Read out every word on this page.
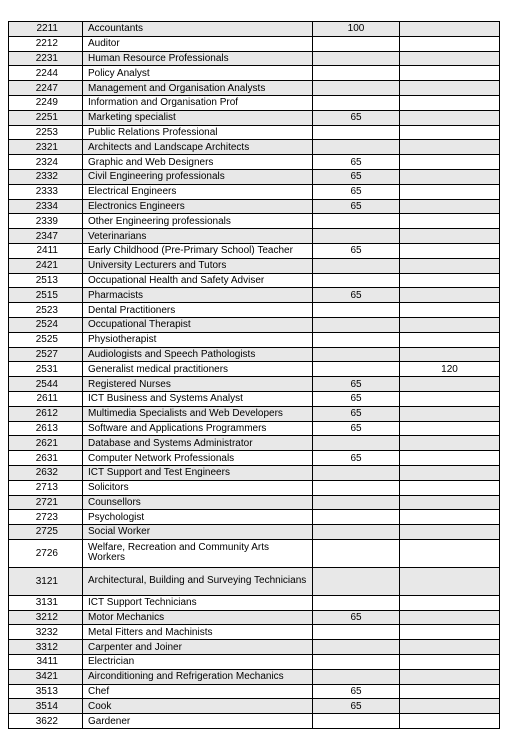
2211	Accountants	100	
2212	Auditor		
2231	Human Resource Professionals		
2244	Policy Analyst		
2247	Management and Organisation Analysts		
2249	Information and Organisation Prof		
2251	Marketing specialist	65	
2253	Public Relations Professional		
2321	Architects and Landscape Architects		
2324	Graphic and Web Designers	65	
2332	Civil Engineering professionals	65	
2333	Electrical Engineers	65	
2334	Electronics Engineers	65	
2339	Other Engineering professionals		
2347	Veterinarians		
2411	Early Childhood (Pre-Primary School) Teacher	65	
2421	University Lecturers and Tutors		
2513	Occupational Health and Safety Adviser		
2515	Pharmacists	65	
2523	Dental Practitioners		
2524	Occupational Therapist		
2525	Physiotherapist		
2527	Audiologists and Speech Pathologists		
2531	Generalist medical practitioners		120
2544	Registered Nurses	65	
2611	ICT Business and Systems Analyst	65	
2612	Multimedia Specialists and Web Developers	65	
2613	Software and Applications Programmers	65	
2621	Database and Systems Administrator		
2631	Computer Network Professionals	65	
2632	ICT Support and Test Engineers		
2713	Solicitors		
2721	Counsellors		
2723	Psychologist		
2725	Social Worker		
2726	Welfare, Recreation and Community Arts Workers		
3121	Architectural, Building and Surveying Technicians		
3131	ICT Support Technicians		
3212	Motor Mechanics	65	
3232	Metal Fitters and Machinists		
3312	Carpenter and Joiner		
3411	Electrician		
3421	Airconditioning and Refrigeration Mechanics		
3513	Chef	65	
3514	Cook	65	
3622	Gardener		
